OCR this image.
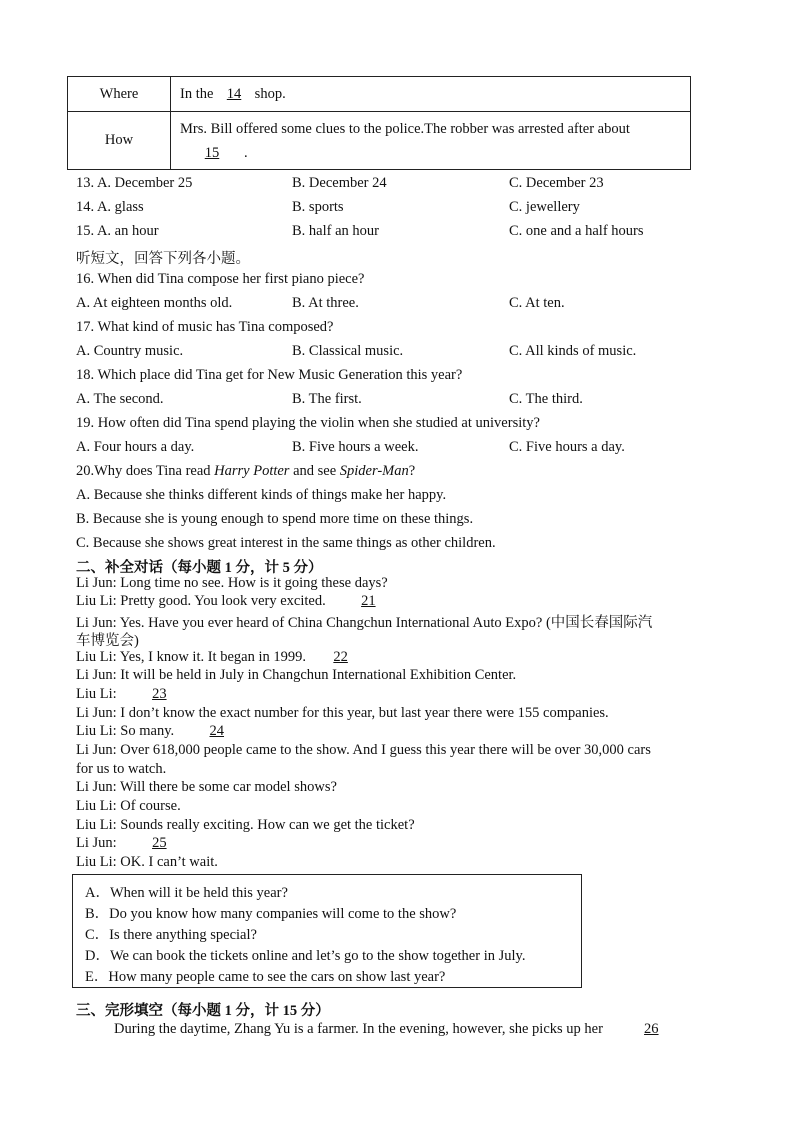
Where	In the 14 shop.
How	Mrs. Bill offered some clues to the police.The robber was arrested after about
15 .
13. A. December 25	B. December 24	C. December 23
14. A. glass	B. sports	C. jewellery
15. A. an hour	B. half an hour	C. one and a half hours
听短文，回答下列各小题。
16. When did Tina compose her first piano piece?
A. At eighteen months old.	B. At three.	C. At ten.
17. What kind of music has Tina composed?
A. Country music.	B. Classical music.	C. All kinds of music.
18. Which place did Tina get for New Music Generation this year?
A. The second.	B. The first.	C. The third.
19. How often did Tina spend playing the violin when she studied at university?
A. Four hours a day.	B. Five hours a week.	C. Five hours a day.
20.Why does Tina read Harry Potter and see Spider-Man?
A. Because she thinks different kinds of things make her happy.
B. Because she is young enough to spend more time on these things.
C. Because she shows great interest in the same things as other children.
二、补全对话（每小题 1 分，计 5 分）
Li Jun: Long time no see. How is it going these days?
Liu Li: Pretty good. You look very excited. 21
Li Jun: Yes. Have you ever heard of China Changchun International Auto Expo? (中国长春国际汽
车博览会)
Liu Li: Yes, I know it. It began in 1999. 22
Li Jun: It will be held in July in Changchun International Exhibition Center.
Liu Li: 23
Li Jun: I don’t know the exact number for this year, but last year there were 155 companies.
Liu Li: So many. 24
Li Jun: Over 618,000 people came to the show. And I guess this year there will be over 30,000 cars
for us to watch.
Li Jun: Will there be some car model shows?
Liu Li: Of course.
Liu Li: Sounds really exciting. How can we get the ticket?
Li Jun: 25
Liu Li: OK. I can’t wait.
A．When will it be held this year?
B．Do you know how many companies will come to the show?
C．Is there anything special?
D．We can book the tickets online and let’s go to the show together in July.
E．How many people came to see the cars on show last year?
三、完形填空（每小题 1 分，计 15 分）
During the daytime, Zhang Yu is a farmer. In the evening, however, she picks up her	26
